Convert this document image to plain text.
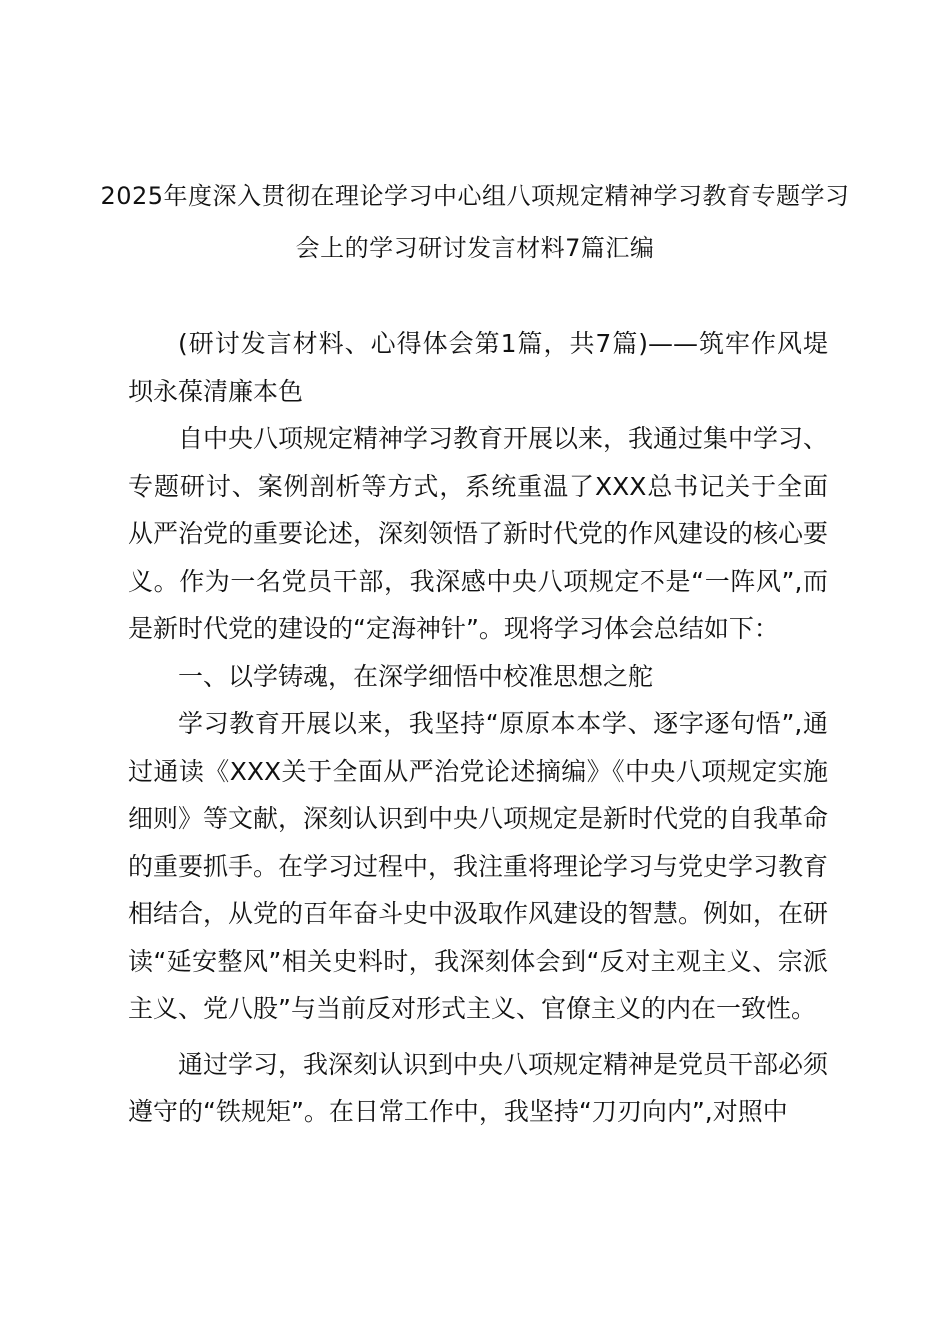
2025年度深入贯彻在理论学习中心组八项规定精神学习教育专题学习会上的学习研讨发言材料7篇汇编

(研讨发言材料、心得体会第1篇，共7篇)——筑牢作风堤坝永葆清廉本色

自中央八项规定精神学习教育开展以来，我通过集中学习、专题研讨、案例剖析等方式，系统重温了XXX总书记关于全面从严治党的重要论述，深刻领悟了新时代党的作风建设的核心要义。作为一名党员干部，我深感中央八项规定不是“一阵风”,而是新时代党的建设的“定海神针”。现将学习体会总结如下：

一、以学铸魂，在深学细悟中校准思想之舵

学习教育开展以来，我坚持“原原本本学、逐字逐句悟”,通过通读《XXX关于全面从严治党论述摘编》《中央八项规定实施细则》等文献，深刻认识到中央八项规定是新时代党的自我革命的重要抓手。在学习过程中，我注重将理论学习与党史学习教育相结合，从党的百年奋斗史中汲取作风建设的智慧。例如，在研读“延安整风”相关史料时，我深刻体会到“反对主观主义、宗派主义、党八股”与当前反对形式主义、官僚主义的内在一致性。

通过学习，我深刻认识到中央八项规定精神是党员干部必须遵守的“铁规矩”。在日常工作中，我坚持“刀刃向内”,对照中
